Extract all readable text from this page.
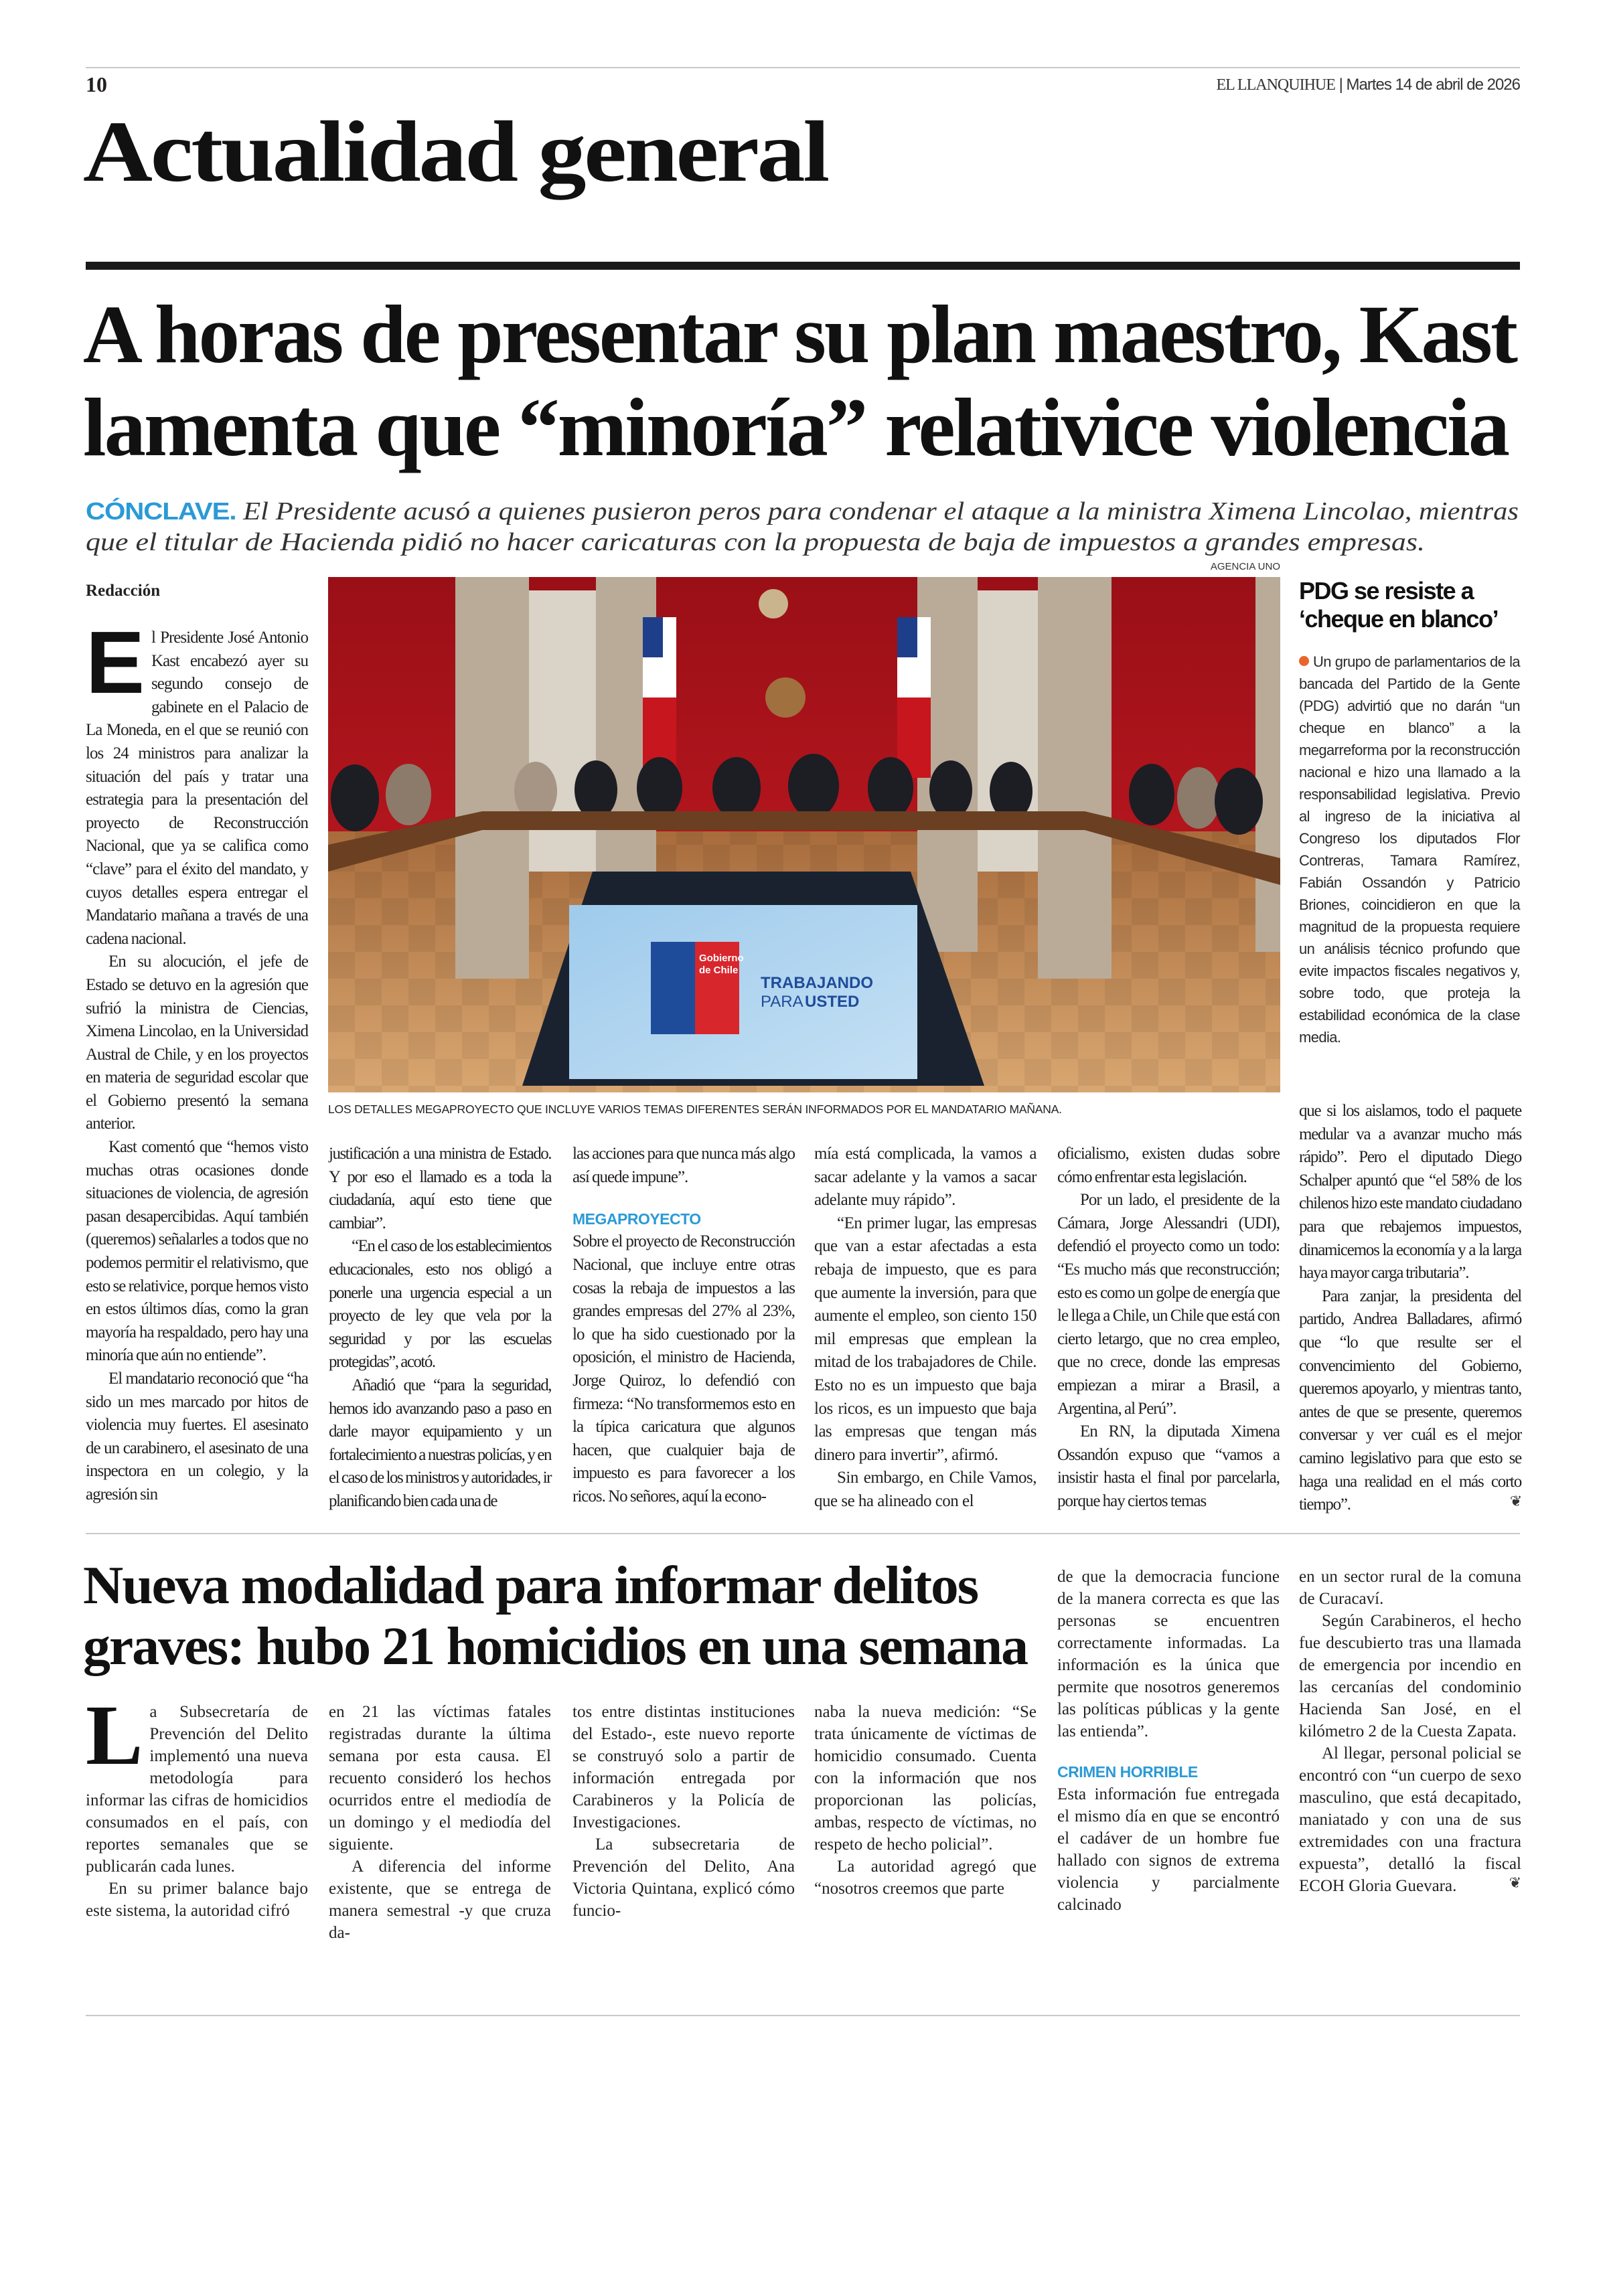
10	EL LLANQUIHUE | Martes 14 de abril de 2026
Actualidad general
A horas de presentar su plan maestro, Kast
lamenta que “minoría” relativice violencia
CÓNCLAVE. El Presidente acusó a quienes pusieron peros para condenar el ataque a la ministra Ximena Lincolao, mientras
que el titular de Hacienda pidió no hacer caricaturas con la propuesta de baja de impuestos a grandes empresas.
Redacción

El Presidente José Antonio Kast encabezó ayer su segundo consejo de gabinete en el Palacio de La Moneda, en el que se reunió con los 24 ministros para analizar la situación del país y tratar una estrategia para la presentación del proyecto de Reconstrucción Nacional, que ya se califica como “clave” para el éxito del mandato, y cuyos detalles espera entregar el Mandatario mañana a través de una cadena nacional.

En su alocución, el jefe de Estado se detuvo en la agresión que sufrió la ministra de Ciencias, Ximena Lincolao, en la Universidad Austral de Chile, y en los proyectos en materia de seguridad escolar que el Gobierno presentó la semana anterior.

Kast comentó que “hemos visto muchas otras ocasiones donde situaciones de violencia, de agresión pasan desapercibidas. Aquí también (queremos) señalarles a todos que no podemos permitir el relativismo, que esto se relativice, porque hemos visto en estos últimos días, como la gran mayoría ha respaldado, pero hay una minoría que aún no entiende”.

El mandatario reconoció que “ha sido un mes marcado por hitos de violencia muy fuertes. El asesinato de un carabinero, el asesinato de una inspectora en un colegio, y la agresión sin

AGENCIA UNO
Gobierno
de Chile
TRABAJANDO
PARA USTED
LOS DETALLES MEGAPROYECTO QUE INCLUYE VARIOS TEMAS DIFERENTES SERÁN INFORMADOS POR EL MANDATARIO MAÑANA.
PDG se resiste a
‘cheque en blanco’
Un grupo de parlamentarios de la bancada del Partido de la Gente (PDG) advirtió que no darán “un cheque en blanco” a la megarreforma por la reconstrucción nacional e hizo una llamado a la responsabilidad legislativa. Previo al ingreso de la iniciativa al Congreso los diputados Flor Contreras, Tamara Ramírez, Fabián Ossandón y Patricio Briones, coincidieron en que la magnitud de la propuesta requiere un análisis técnico profundo que evite impactos fiscales negativos y, sobre todo, que proteja la estabilidad económica de la clase media.

justificación a una ministra de Estado. Y por eso el llamado es a toda la ciudadanía, aquí esto tiene que cambiar”.

“En el caso de los establecimientos educacionales, esto nos obligó a ponerle una urgencia especial a un proyecto de ley que vela por la seguridad y por las escuelas protegidas”, acotó.

Añadió que “para la seguridad, hemos ido avanzando paso a paso en darle mayor equipamiento y un fortalecimiento a nuestras policías, y en el caso de los ministros y autoridades, ir planificando bien cada una de

las acciones para que nunca más algo así quede impune”.

MEGAPROYECTO

Sobre el proyecto de Reconstrucción Nacional, que incluye entre otras cosas la rebaja de impuestos a las grandes empresas del 27% al 23%, lo que ha sido cuestionado por la oposición, el ministro de Hacienda, Jorge Quiroz, lo defendió con firmeza: “No transformemos esto en la típica caricatura que algunos hacen, que cualquier baja de impuesto es para favorecer a los ricos. No señores, aquí la econo-

mía está complicada, la vamos a sacar adelante y la vamos a sacar adelante muy rápido”.

“En primer lugar, las empresas que van a estar afectadas a esta rebaja de impuesto, que es para que aumente la inversión, para que aumente el empleo, son ciento 150 mil empresas que emplean la mitad de los trabajadores de Chile. Esto no es un impuesto que baja los ricos, es un impuesto que baja las empresas que tengan más dinero para invertir”, afirmó.

Sin embargo, en Chile Vamos, que se ha alineado con el

oficialismo, existen dudas sobre cómo enfrentar esta legislación.

Por un lado, el presidente de la Cámara, Jorge Alessandri (UDI), defendió el proyecto como un todo: “Es mucho más que reconstrucción; esto es como un golpe de energía que le llega a Chile, un Chile que está con cierto letargo, que no crea empleo, que no crece, donde las empresas empiezan a mirar a Brasil, a Argentina, al Perú”.

En RN, la diputada Ximena Ossandón expuso que “vamos a insistir hasta el final por parcelarla, porque hay ciertos temas

que si los aislamos, todo el paquete medular va a avanzar mucho más rápido”. Pero el diputado Diego Schalper apuntó que “el 58% de los chilenos hizo este mandato ciudadano para que rebajemos impuestos, dinamicemos la economía y a la larga haya mayor carga tributaria”.

Para zanjar, la presidenta del partido, Andrea Balladares, afirmó que “lo que resulte ser el convencimiento del Gobierno, queremos apoyarlo, y mientras tanto, antes de que se presente, queremos conversar y ver cuál es el mejor camino legislativo para que esto se haga una realidad en el más corto tiempo”.	❦

Nueva modalidad para informar delitos
graves: hubo 21 homicidios en una semana

La Subsecretaría de Prevención del Delito implementó una nueva metodología para informar las cifras de homicidios consumados en el país, con reportes semanales que se publicarán cada lunes.

En su primer balance bajo este sistema, la autoridad cifró

en 21 las víctimas fatales registradas durante la última semana por esta causa. El recuento consideró los hechos ocurridos entre el mediodía de un domingo y el mediodía del siguiente.

A diferencia del informe existente, que se entrega de manera semestral -y que cruza da-

tos entre distintas instituciones del Estado-, este nuevo reporte se construyó solo a partir de información entregada por Carabineros y la Policía de Investigaciones.

La subsecretaria de Prevención del Delito, Ana Victoria Quintana, explicó cómo funcio-

naba la nueva medición: “Se trata únicamente de víctimas de homicidio consumado. Cuenta con la información que nos proporcionan las policías, ambas, respecto de víctimas, no respeto de hecho policial”.

La autoridad agregó que “nosotros creemos que parte

de que la democracia funcione de la manera correcta es que las personas se encuentren correctamente informadas. La información es la única que permite que nosotros generemos las políticas públicas y la gente las entienda”.

CRIMEN HORRIBLE

Esta información fue entregada el mismo día en que se encontró el cadáver de un hombre fue hallado con signos de extrema violencia y parcialmente calcinado

en un sector rural de la comuna de Curacaví.

Según Carabineros, el hecho fue descubierto tras una llamada de emergencia por incendio en las cercanías del condominio Hacienda San José, en el kilómetro 2 de la Cuesta Zapata.

Al llegar, personal policial se encontró con “un cuerpo de sexo masculino, que está decapitado, maniatado y con una de sus extremidades con una fractura expuesta”, detalló la fiscal ECOH Gloria Guevara.	❦
